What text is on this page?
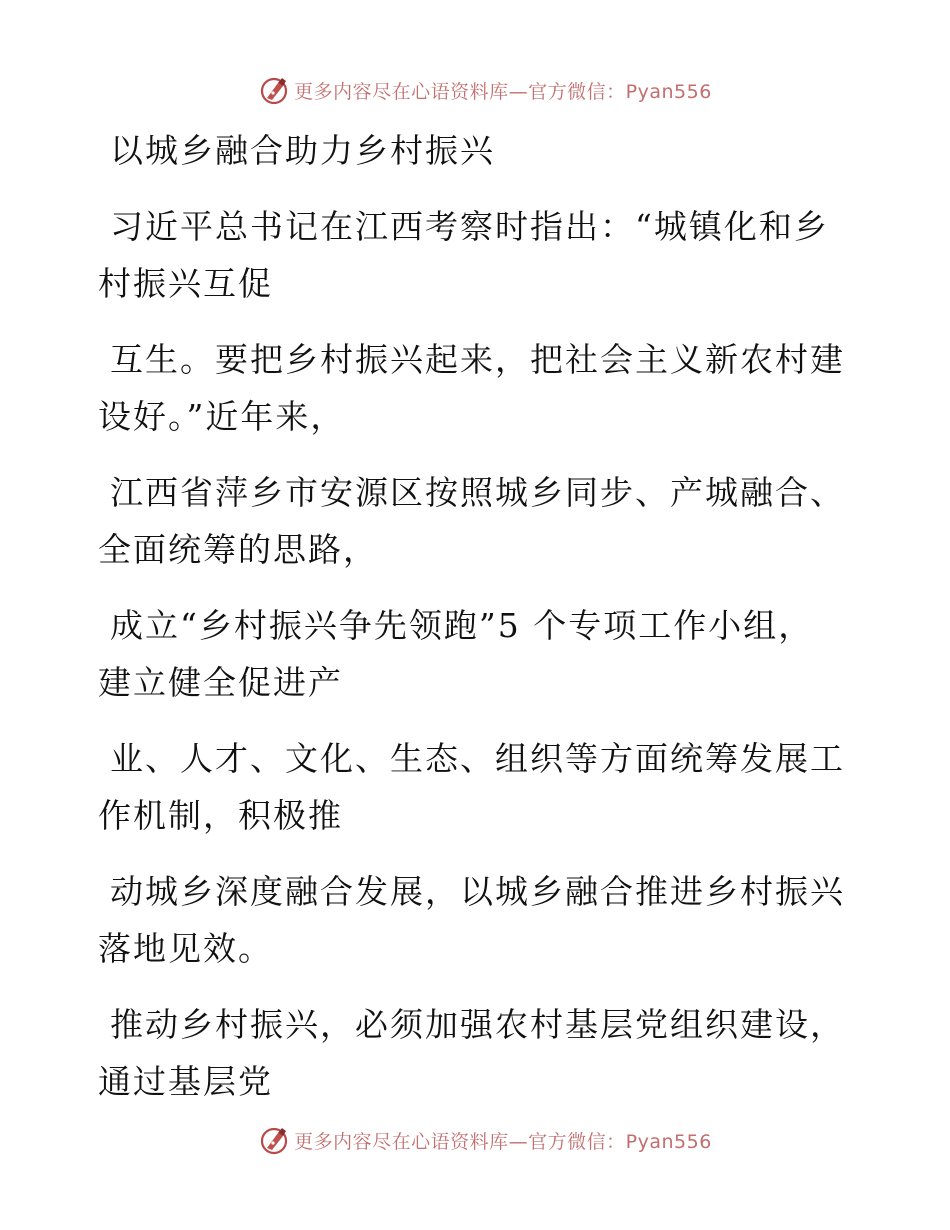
更多内容尽在心语资料库—官方微信：Pyan556
以城乡融合助力乡村振兴
习近平总书记在江西考察时指出：“城镇化和乡
村振兴互促
互生。要把乡村振兴起来，把社会主义新农村建
设好。”近年来，
江西省萍乡市安源区按照城乡同步、产城融合、
全面统筹的思路，
成立“乡村振兴争先领跑”5 个专项工作小组，
建立健全促进产
业、人才、文化、生态、组织等方面统筹发展工
作机制，积极推
动城乡深度融合发展，以城乡融合推进乡村振兴
落地见效。
推动乡村振兴，必须加强农村基层党组织建设，
通过基层党
更多内容尽在心语资料库—官方微信：Pyan556
